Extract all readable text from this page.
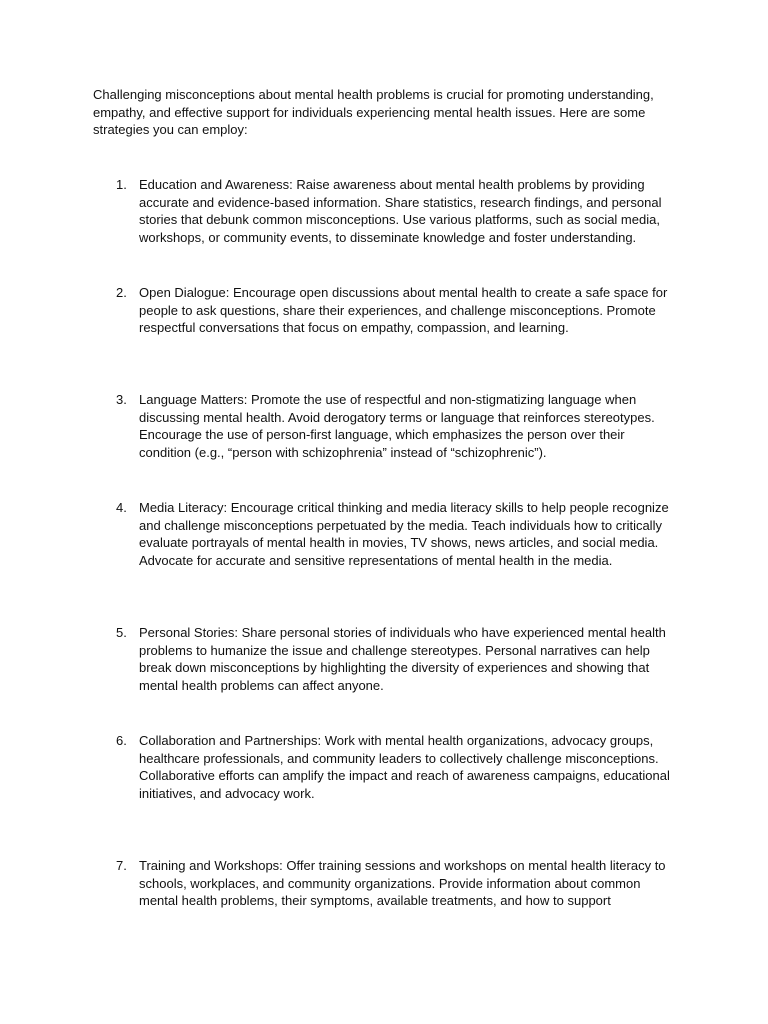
Challenging misconceptions about mental health problems is crucial for promoting understanding, empathy, and effective support for individuals experiencing mental health issues. Here are some strategies you can employ:

1. Education and Awareness: Raise awareness about mental health problems by providing accurate and evidence-based information. Share statistics, research findings, and personal stories that debunk common misconceptions. Use various platforms, such as social media, workshops, or community events, to disseminate knowledge and foster understanding.

2. Open Dialogue: Encourage open discussions about mental health to create a safe space for people to ask questions, share their experiences, and challenge misconceptions. Promote respectful conversations that focus on empathy, compassion, and learning.

3. Language Matters: Promote the use of respectful and non-stigmatizing language when discussing mental health. Avoid derogatory terms or language that reinforces stereotypes. Encourage the use of person-first language, which emphasizes the person over their condition (e.g., “person with schizophrenia” instead of “schizophrenic”).

4. Media Literacy: Encourage critical thinking and media literacy skills to help people recognize and challenge misconceptions perpetuated by the media. Teach individuals how to critically evaluate portrayals of mental health in movies, TV shows, news articles, and social media. Advocate for accurate and sensitive representations of mental health in the media.

5. Personal Stories: Share personal stories of individuals who have experienced mental health problems to humanize the issue and challenge stereotypes. Personal narratives can help break down misconceptions by highlighting the diversity of experiences and showing that mental health problems can affect anyone.

6. Collaboration and Partnerships: Work with mental health organizations, advocacy groups, healthcare professionals, and community leaders to collectively challenge misconceptions. Collaborative efforts can amplify the impact and reach of awareness campaigns, educational initiatives, and advocacy work.

7. Training and Workshops: Offer training sessions and workshops on mental health literacy to schools, workplaces, and community organizations. Provide information about common mental health problems, their symptoms, available treatments, and how to support
